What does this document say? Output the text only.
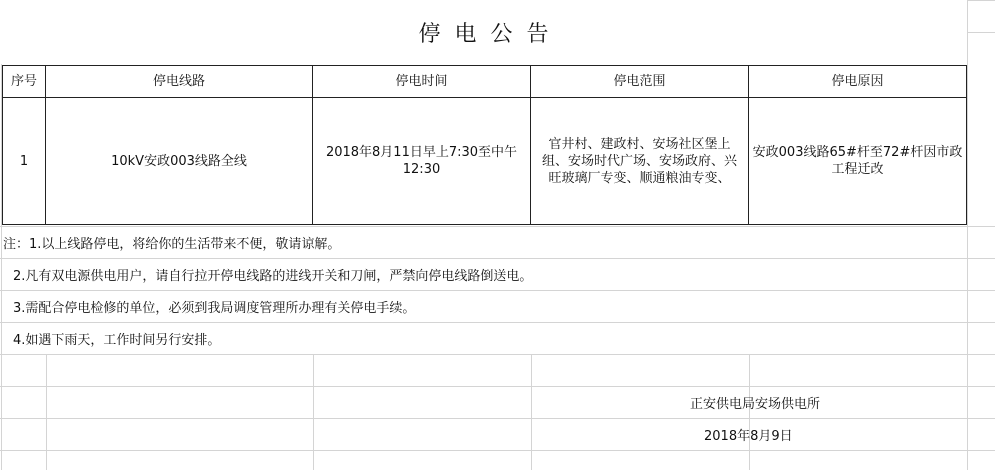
停电公告
序号	停电线路	停电时间	停电范围	停电原因
1	10kV安政003线路全线	2018年8月11日早上7:30至中午12:30	官井村、建政村、安场社区堡上组、安场时代广场、安场政府、兴旺玻璃厂专变、顺通粮油专变、	安政003线路65#杆至72#杆因市政工程迁改
注：1.以上线路停电，将给你的生活带来不便，敬请谅解。
2.凡有双电源供电用户，请自行拉开停电线路的进线开关和刀闸，严禁向停电线路倒送电。
3.需配合停电检修的单位，必须到我局调度管理所办理有关停电手续。
4.如遇下雨天，工作时间另行安排。
正安供电局安场供电所
2018年8月9日
